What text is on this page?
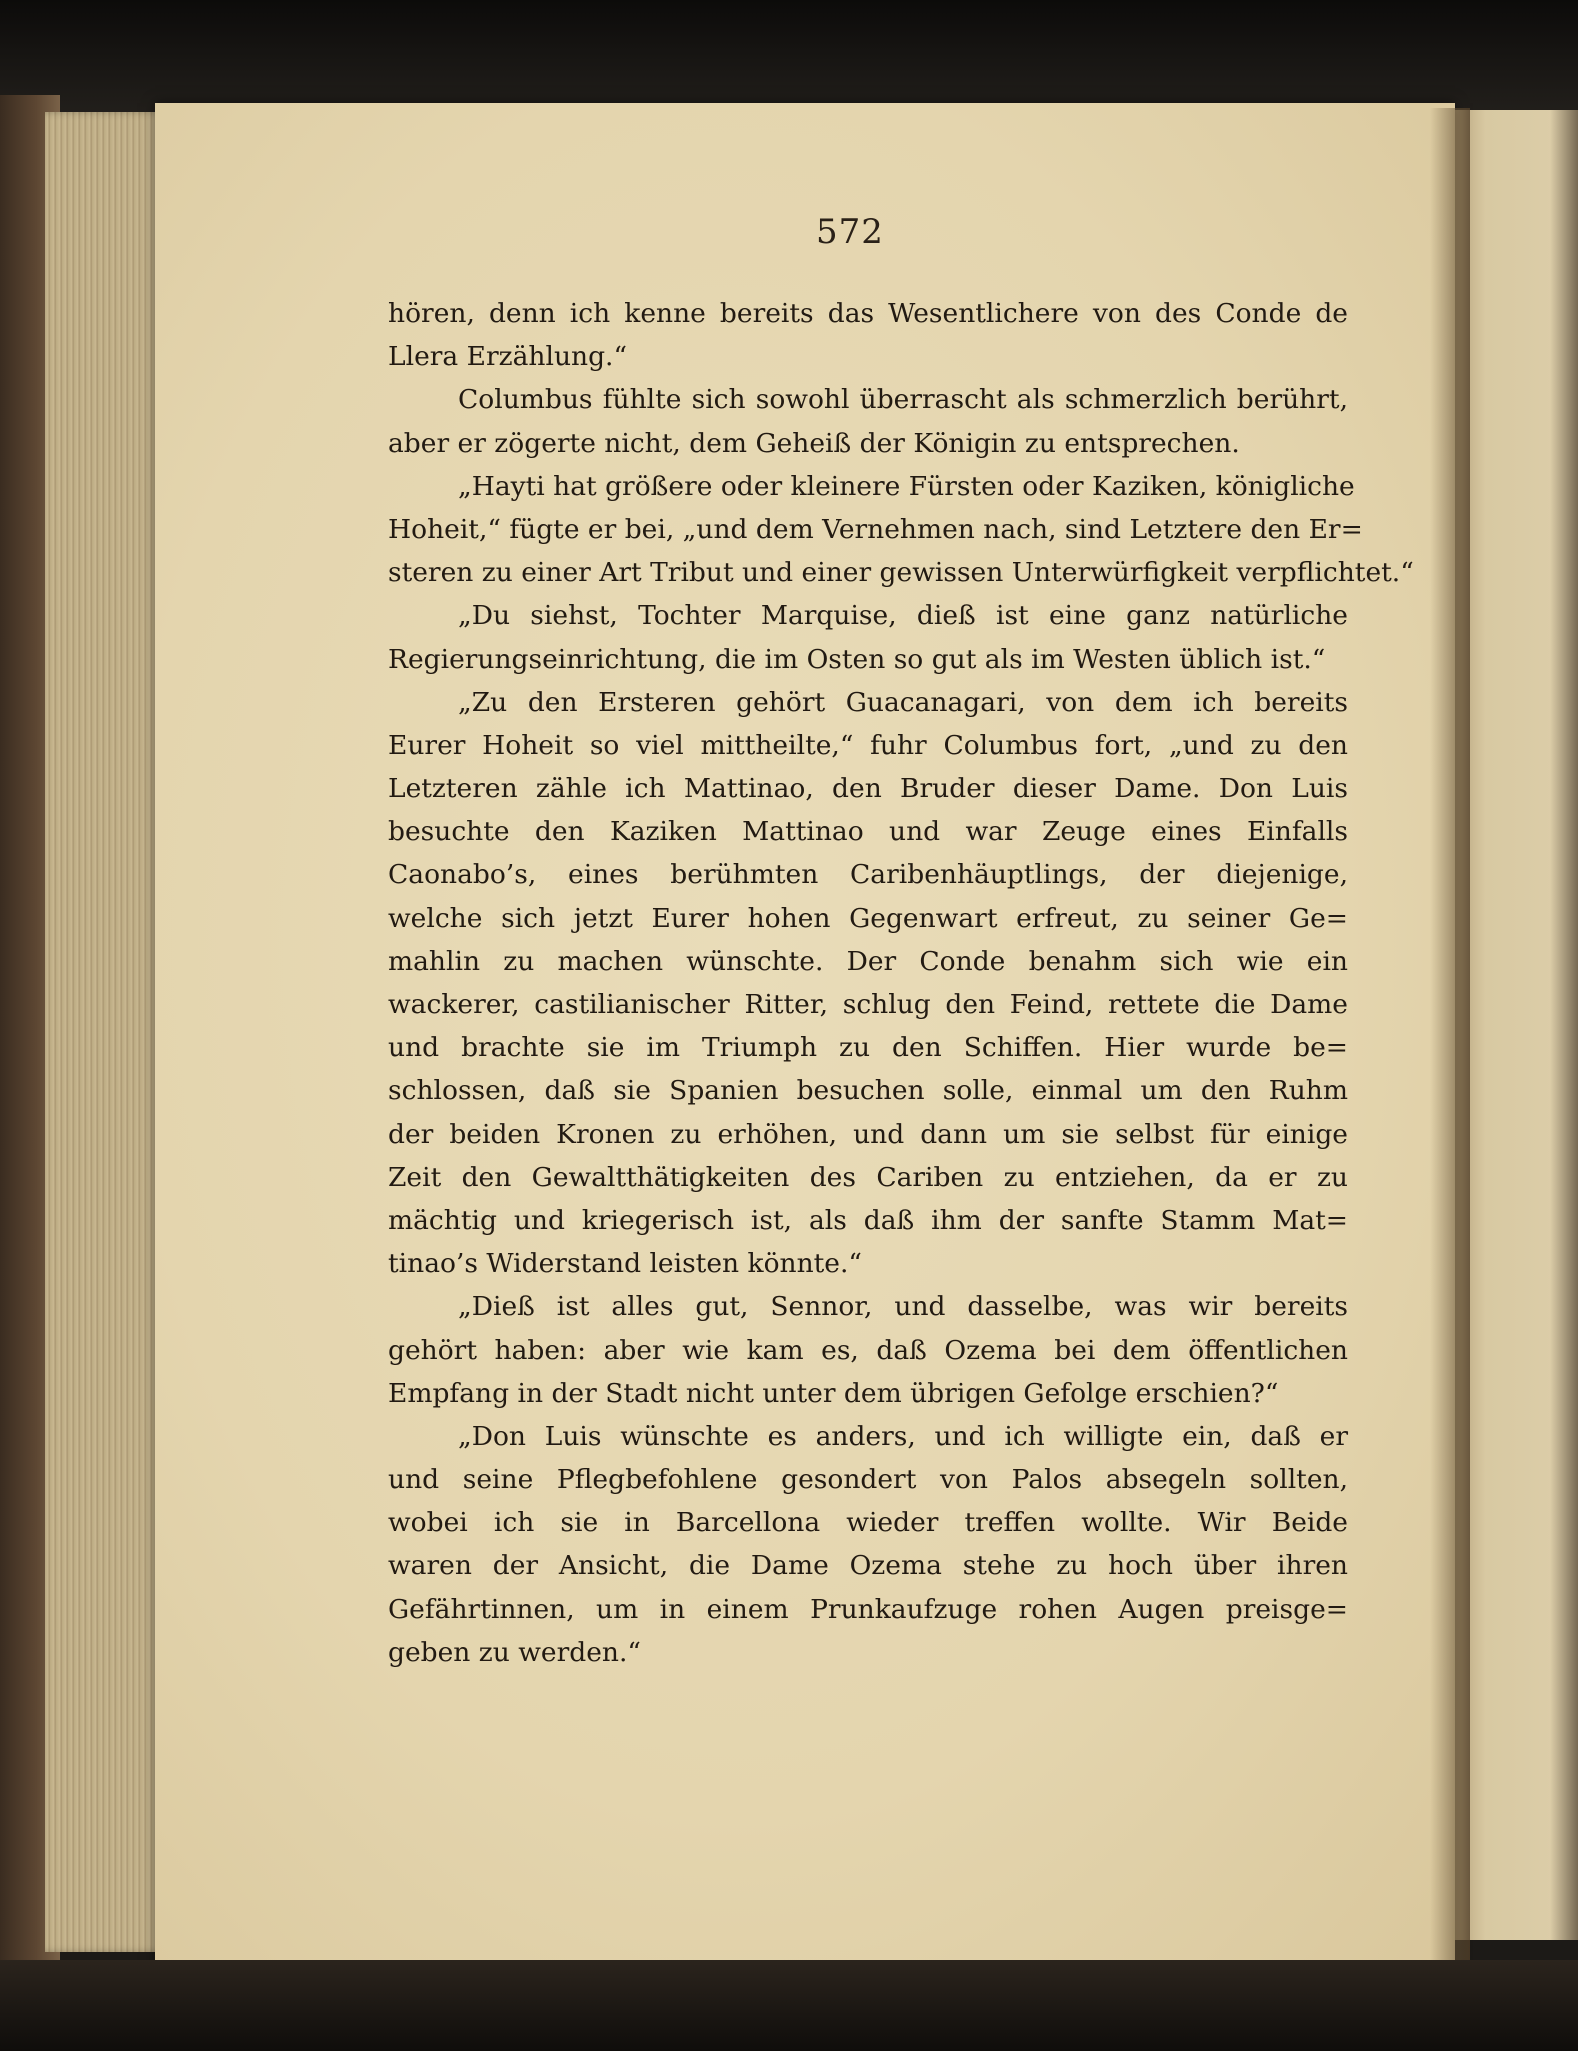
572
hören, denn ich kenne bereits das Wesentlichere von des Conde de
Llera Erzählung.“
Columbus fühlte sich sowohl überrascht als schmerzlich berührt,
aber er zögerte nicht, dem Geheiß der Königin zu entsprechen.
„Hayti hat größere oder kleinere Fürsten oder Kaziken, königliche
Hoheit,“ fügte er bei, „und dem Vernehmen nach, sind Letztere den Er=
steren zu einer Art Tribut und einer gewissen Unterwürfigkeit verpflichtet.“
„Du siehst, Tochter Marquise, dieß ist eine ganz natürliche
Regierungseinrichtung, die im Osten so gut als im Westen üblich ist.“
„Zu den Ersteren gehört Guacanagari, von dem ich bereits
Eurer Hoheit so viel mittheilte,“ fuhr Columbus fort, „und zu den
Letzteren zähle ich Mattinao, den Bruder dieser Dame. Don Luis
besuchte den Kaziken Mattinao und war Zeuge eines Einfalls
Caonabo’s, eines berühmten Caribenhäuptlings, der diejenige,
welche sich jetzt Eurer hohen Gegenwart erfreut, zu seiner Ge=
mahlin zu machen wünschte. Der Conde benahm sich wie ein
wackerer, castilianischer Ritter, schlug den Feind, rettete die Dame
und brachte sie im Triumph zu den Schiffen. Hier wurde be=
schlossen, daß sie Spanien besuchen solle, einmal um den Ruhm
der beiden Kronen zu erhöhen, und dann um sie selbst für einige
Zeit den Gewaltthätigkeiten des Cariben zu entziehen, da er zu
mächtig und kriegerisch ist, als daß ihm der sanfte Stamm Mat=
tinao’s Widerstand leisten könnte.“
„Dieß ist alles gut, Sennor, und dasselbe, was wir bereits
gehört haben: aber wie kam es, daß Ozema bei dem öffentlichen
Empfang in der Stadt nicht unter dem übrigen Gefolge erschien?“
„Don Luis wünschte es anders, und ich willigte ein, daß er
und seine Pflegbefohlene gesondert von Palos absegeln sollten,
wobei ich sie in Barcellona wieder treffen wollte. Wir Beide
waren der Ansicht, die Dame Ozema stehe zu hoch über ihren
Gefährtinnen, um in einem Prunkaufzuge rohen Augen preisge=
geben zu werden.“
